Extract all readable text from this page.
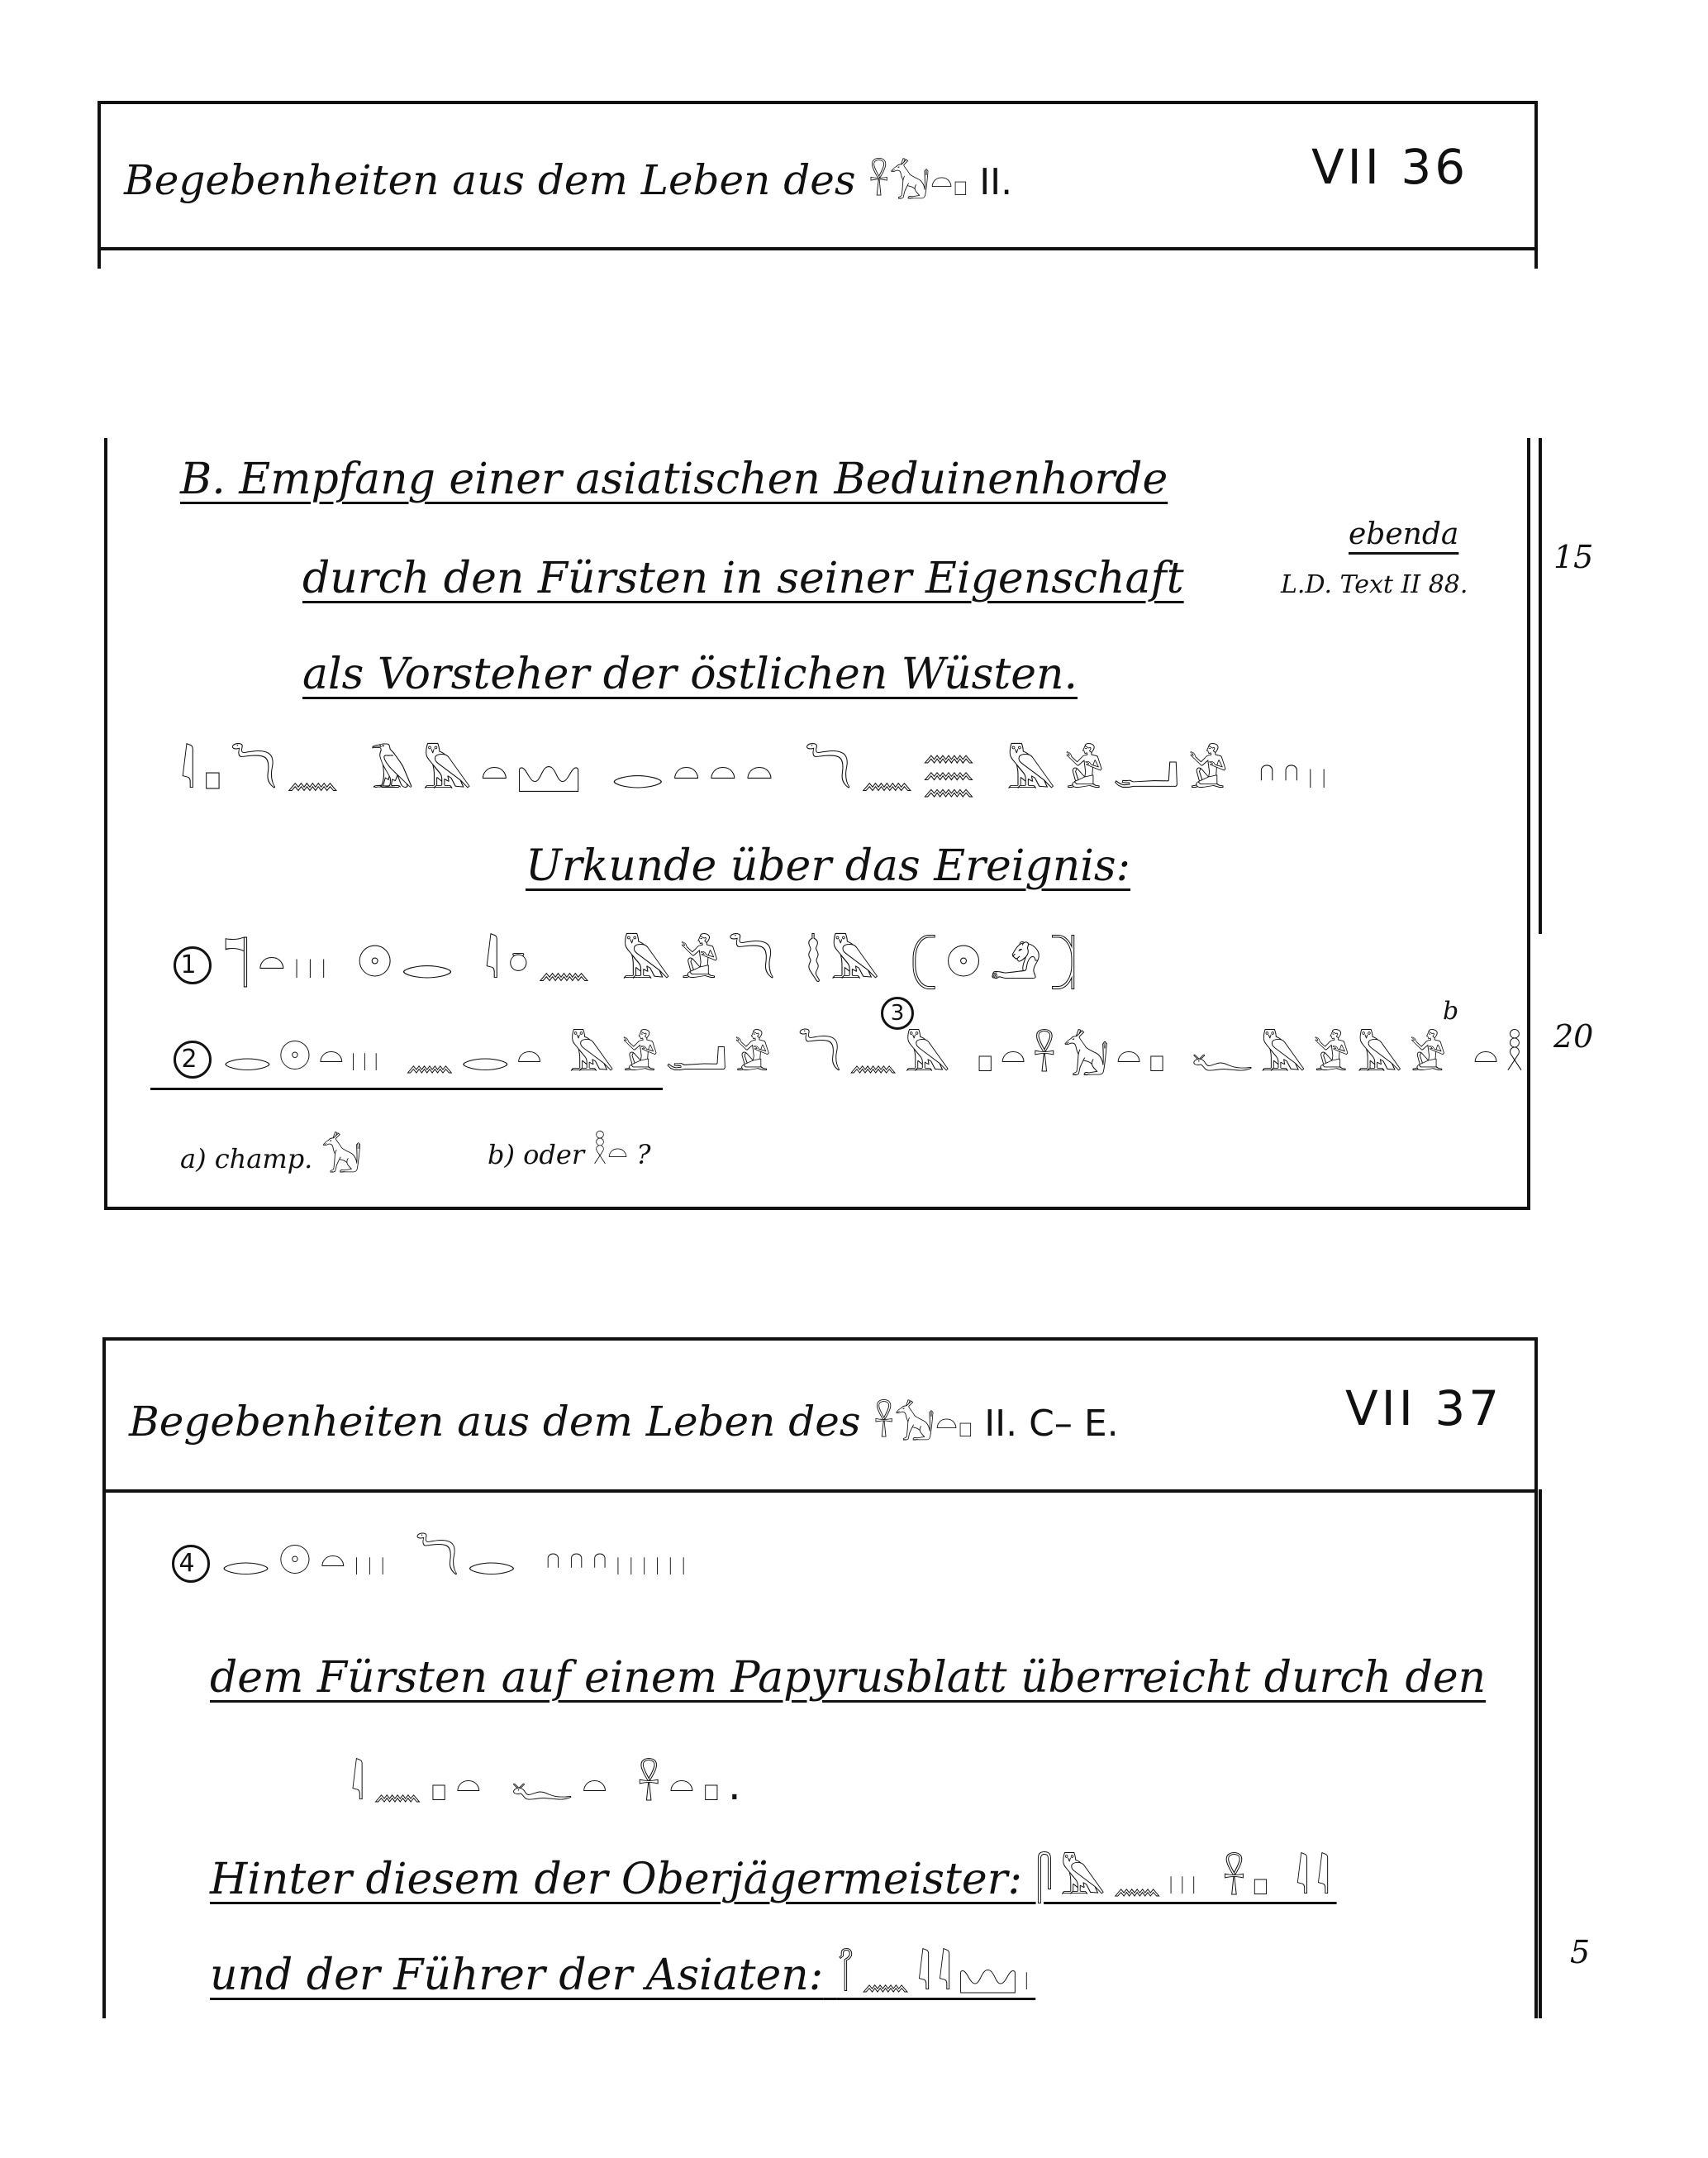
Begebenheiten aus dem Leben des 𓋹𓃩𓏏𓊪 II.	VII 36
B. Empfang einer asiatischen Beduinenhorde
durch den Fürsten in seiner Eigenschaft
als Vorsteher der östlichen Wüsten.
ebenda
L.D. Text II 88.
𓇋𓊪𓆓𓈖 𓄿𓅓𓏏𓈉 𓂋𓏏𓏏𓏏 𓆓𓈖𓈗 𓅓𓀀𓂝𓀀 𓎆𓎆𓏺𓏺
Urkunde über das Ereignis:
1 𓊹𓏏𓏺𓏺𓏺 𓇳𓂋 𓇋𓏌𓈖 𓅓𓀀𓆓 𓇛𓅓 𓍹𓇳𓄂𓍺
2 𓂋𓇳𓏏𓏺𓏺𓏺 𓈖𓂋𓏏 𓅓𓀀𓂝𓀀 𓆓𓈖𓅓 𓊪𓏏𓋹𓃩𓏏𓊪 𓆑𓅓𓀀𓅓𓀀 𓏏𓎛
b
3
a) champ. 𓃩	b) oder 𓎛𓏏 ?
15
20
Begebenheiten aus dem Leben des 𓋹𓃩𓏏𓊪 II. C– E.	VII 37
4 𓂋𓇳𓏏𓏺𓏺𓏺 𓆓𓂋 𓎆𓎆𓎆𓏺𓏺𓏺𓏺𓏺𓏺
dem Fürsten auf einem Papyrusblatt überreicht durch den
𓇋𓈖𓊪𓏏 𓆑𓏏 𓋹𓏏𓊪.
Hinter diesem der Oberjägermeister: 𓋴𓅓𓈖𓏺𓏺𓏺 𓋹𓊪 𓇋𓇋
und der Führer der Asiaten: 𓋾𓈖𓇋𓇋𓈉𓏺	5
